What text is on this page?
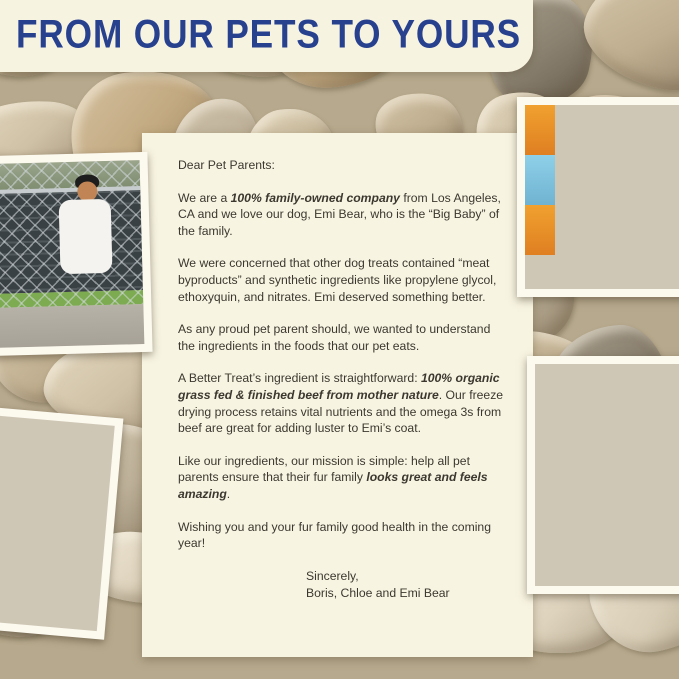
Dear Pet Parents:

We are a 100% family-owned company from Los Angeles, CA and we love our dog, Emi Bear, who is the “Big Baby” of the family.

We were concerned that other dog treats contained “meat byproducts” and synthetic ingredients like propylene glycol, ethoxyquin, and nitrates. Emi deserved something better.

As any proud pet parent should, we wanted to understand the ingredients in the foods that our pet eats.

A Better Treat’s ingredient is straightforward: 100% organic grass fed & finished beef from mother nature. Our freeze drying process retains vital nutrients and the omega 3s from beef are great for adding luster to Emi’s coat.

Like our ingredients, our mission is simple: help all pet parents ensure that their fur family looks great and feels amazing.

Wishing you and your fur family good health in the coming year!

Sincerely,
Boris, Chloe and Emi Bear
FROM OUR PETS TO YOURS
